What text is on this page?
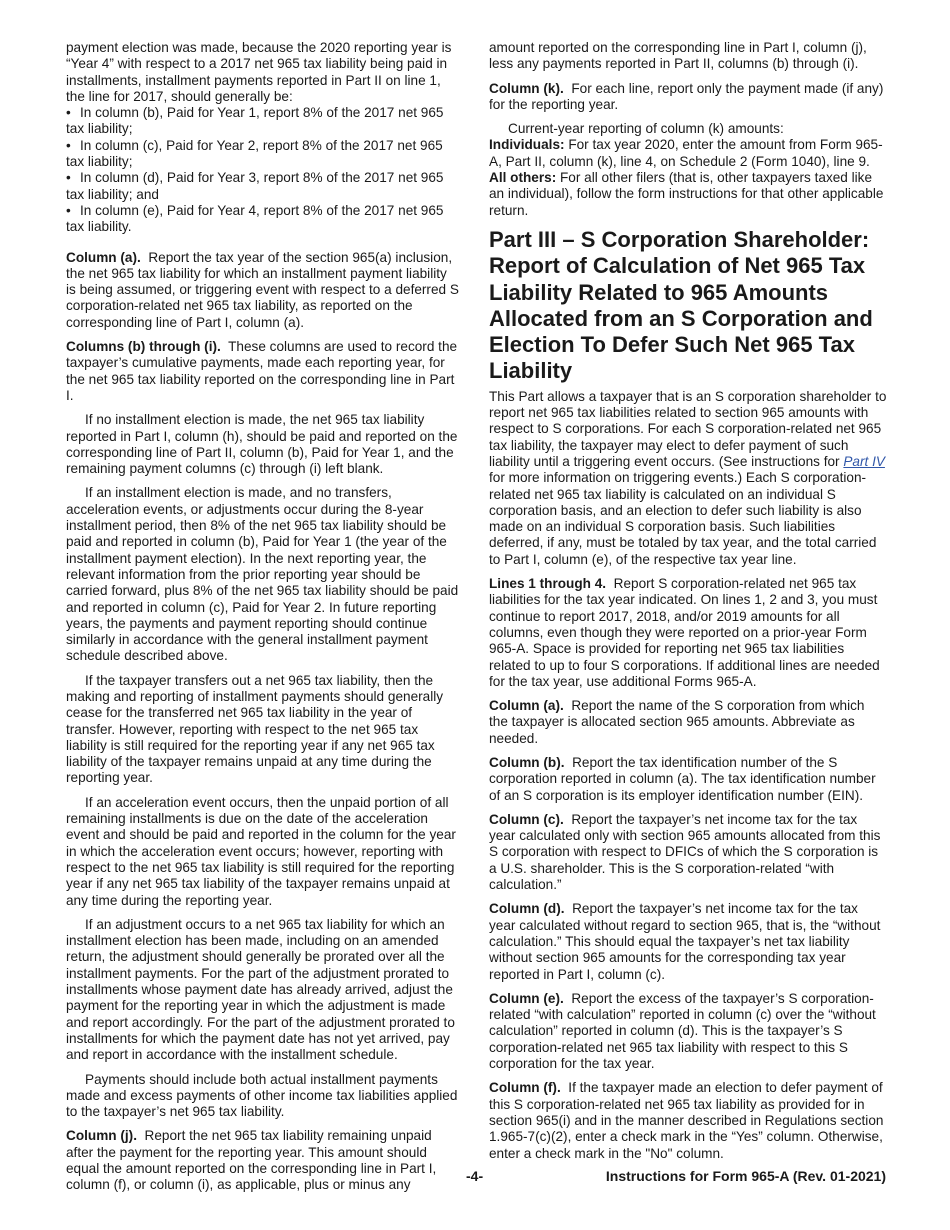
payment election was made, because the 2020 reporting year is “Year 4” with respect to a 2017 net 965 tax liability being paid in installments, installment payments reported in Part II on line 1, the line for 2017, should generally be:

• In column (b), Paid for Year 1, report 8% of the 2017 net 965 tax liability;

• In column (c), Paid for Year 2, report 8% of the 2017 net 965 tax liability;

• In column (d), Paid for Year 3, report 8% of the 2017 net 965 tax liability; and

• In column (e), Paid for Year 4, report 8% of the 2017 net 965 tax liability.

Column (a). Report the tax year of the section 965(a) inclusion, the net 965 tax liability for which an installment payment liability is being assumed, or triggering event with respect to a deferred S corporation-related net 965 tax liability, as reported on the corresponding line of Part I, column (a).

Columns (b) through (i). These columns are used to record the taxpayer’s cumulative payments, made each reporting year, for the net 965 tax liability reported on the corresponding line in Part I.

If no installment election is made, the net 965 tax liability reported in Part I, column (h), should be paid and reported on the corresponding line of Part II, column (b), Paid for Year 1, and the remaining payment columns (c) through (i) left blank.

If an installment election is made, and no transfers, acceleration events, or adjustments occur during the 8-year installment period, then 8% of the net 965 tax liability should be paid and reported in column (b), Paid for Year 1 (the year of the installment payment election). In the next reporting year, the relevant information from the prior reporting year should be carried forward, plus 8% of the net 965 tax liability should be paid and reported in column (c), Paid for Year 2. In future reporting years, the payments and payment reporting should continue similarly in accordance with the general installment payment schedule described above.

If the taxpayer transfers out a net 965 tax liability, then the making and reporting of installment payments should generally cease for the transferred net 965 tax liability in the year of transfer. However, reporting with respect to the net 965 tax liability is still required for the reporting year if any net 965 tax liability of the taxpayer remains unpaid at any time during the reporting year.

If an acceleration event occurs, then the unpaid portion of all remaining installments is due on the date of the acceleration event and should be paid and reported in the column for the year in which the acceleration event occurs; however, reporting with respect to the net 965 tax liability is still required for the reporting year if any net 965 tax liability of the taxpayer remains unpaid at any time during the reporting year.

If an adjustment occurs to a net 965 tax liability for which an installment election has been made, including on an amended return, the adjustment should generally be prorated over all the installment payments. For the part of the adjustment prorated to installments whose payment date has already arrived, adjust the payment for the reporting year in which the adjustment is made and report accordingly. For the part of the adjustment prorated to installments for which the payment date has not yet arrived, pay and report in accordance with the installment schedule.

Payments should include both actual installment payments made and excess payments of other income tax liabilities applied to the taxpayer’s net 965 tax liability.

Column (j). Report the net 965 tax liability remaining unpaid after the payment for the reporting year. This amount should equal the amount reported on the corresponding line in Part I, column (f), or column (i), as applicable, plus or minus any

amount reported on the corresponding line in Part I, column (j), less any payments reported in Part II, columns (b) through (i).

Column (k). For each line, report only the payment made (if any) for the reporting year.

Current-year reporting of column (k) amounts:

Individuals: For tax year 2020, enter the amount from Form 965-A, Part II, column (k), line 4, on Schedule 2 (Form 1040), line 9.

All others: For all other filers (that is, other taxpayers taxed like an individual), follow the form instructions for that other applicable return.

Part III – S Corporation Shareholder: Report of Calculation of Net 965 Tax Liability Related to 965 Amounts Allocated from an S Corporation and Election To Defer Such Net 965 Tax Liability

This Part allows a taxpayer that is an S corporation shareholder to report net 965 tax liabilities related to section 965 amounts with respect to S corporations. For each S corporation-related net 965 tax liability, the taxpayer may elect to defer payment of such liability until a triggering event occurs. (See instructions for Part IV for more information on triggering events.) Each S corporation-related net 965 tax liability is calculated on an individual S corporation basis, and an election to defer such liability is also made on an individual S corporation basis. Such liabilities deferred, if any, must be totaled by tax year, and the total carried to Part I, column (e), of the respective tax year line.

Lines 1 through 4. Report S corporation-related net 965 tax liabilities for the tax year indicated. On lines 1, 2 and 3, you must continue to report 2017, 2018, and/or 2019 amounts for all columns, even though they were reported on a prior-year Form 965-A. Space is provided for reporting net 965 tax liabilities related to up to four S corporations. If additional lines are needed for the tax year, use additional Forms 965-A.

Column (a). Report the name of the S corporation from which the taxpayer is allocated section 965 amounts. Abbreviate as needed.

Column (b). Report the tax identification number of the S corporation reported in column (a). The tax identification number of an S corporation is its employer identification number (EIN).

Column (c). Report the taxpayer’s net income tax for the tax year calculated only with section 965 amounts allocated from this S corporation with respect to DFICs of which the S corporation is a U.S. shareholder. This is the S corporation-related “with calculation.”

Column (d). Report the taxpayer’s net income tax for the tax year calculated without regard to section 965, that is, the “without calculation.” This should equal the taxpayer’s net tax liability without section 965 amounts for the corresponding tax year reported in Part I, column (c).

Column (e). Report the excess of the taxpayer’s S corporation-related “with calculation” reported in column (c) over the “without calculation” reported in column (d). This is the taxpayer’s S corporation-related net 965 tax liability with respect to this S corporation for the tax year.

Column (f). If the taxpayer made an election to defer payment of this S corporation-related net 965 tax liability as provided for in section 965(i) and in the manner described in Regulations section 1.965-7(c)(2), enter a check mark in the “Yes” column. Otherwise, enter a check mark in the "No" column.

-4-	Instructions for Form 965-A (Rev. 01-2021)
